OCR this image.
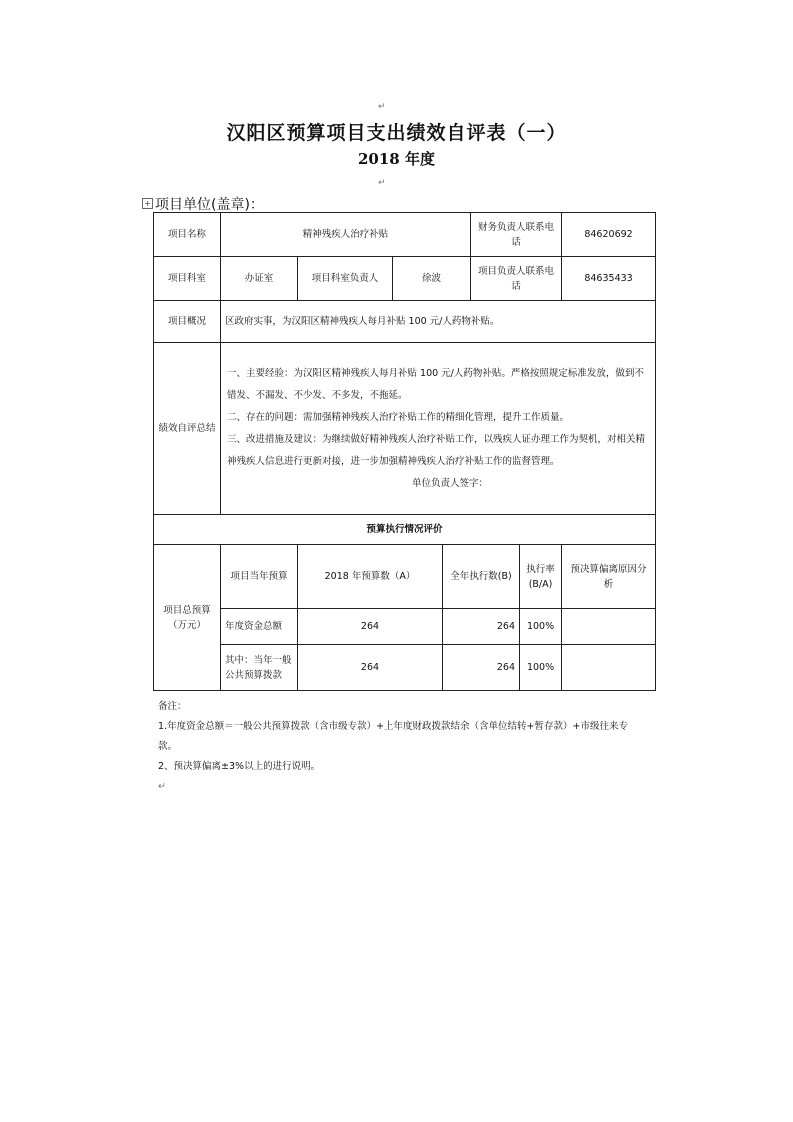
↵
↵
汉阳区预算项目支出绩效自评表（一）
2018 年度
+ 项目单位(盖章)：
项目名称	精神残疾人治疗补贴				财务负责人联系电话		84620692
项目科室	办证室	项目科室负责人	徐波		项目负责人联系电话		84635433
项目概况	区政府实事，为汉阳区精神残疾人每月补贴 100 元/人药物补贴。						
绩效自评总结	一、主要经验：为汉阳区精神残疾人每月补贴 100 元/人药物补贴。严格按照规定标准发放，做到不错发、不漏发、不少发、不多发，不拖延。
二、存在的问题：需加强精神残疾人治疗补贴工作的精细化管理，提升工作质量。
三、改进措施及建议：为继续做好精神残疾人治疗补贴工作，以残疾人证办理工作为契机，对相关精神残疾人信息进行更新对接，进一步加强精神残疾人治疗补贴工作的监督管理。
单位负责人签字：						

预算执行情况评价							
项目总预算（万元）	项目当年预算	2018 年预算数（A）		全年执行数(B)		执行率(B/A)	预决算偏离原因分析
	年度资金总额	264		264		100%	
	其中：当年一般公共预算拨款	264		264		100%	
备注：
1.年度资金总额＝一般公共预算拨款（含市级专款）+上年度财政拨款结余（含单位结转+暂存款）+市级往来专款。
2、预决算偏离±3%以上的进行说明。
↵
